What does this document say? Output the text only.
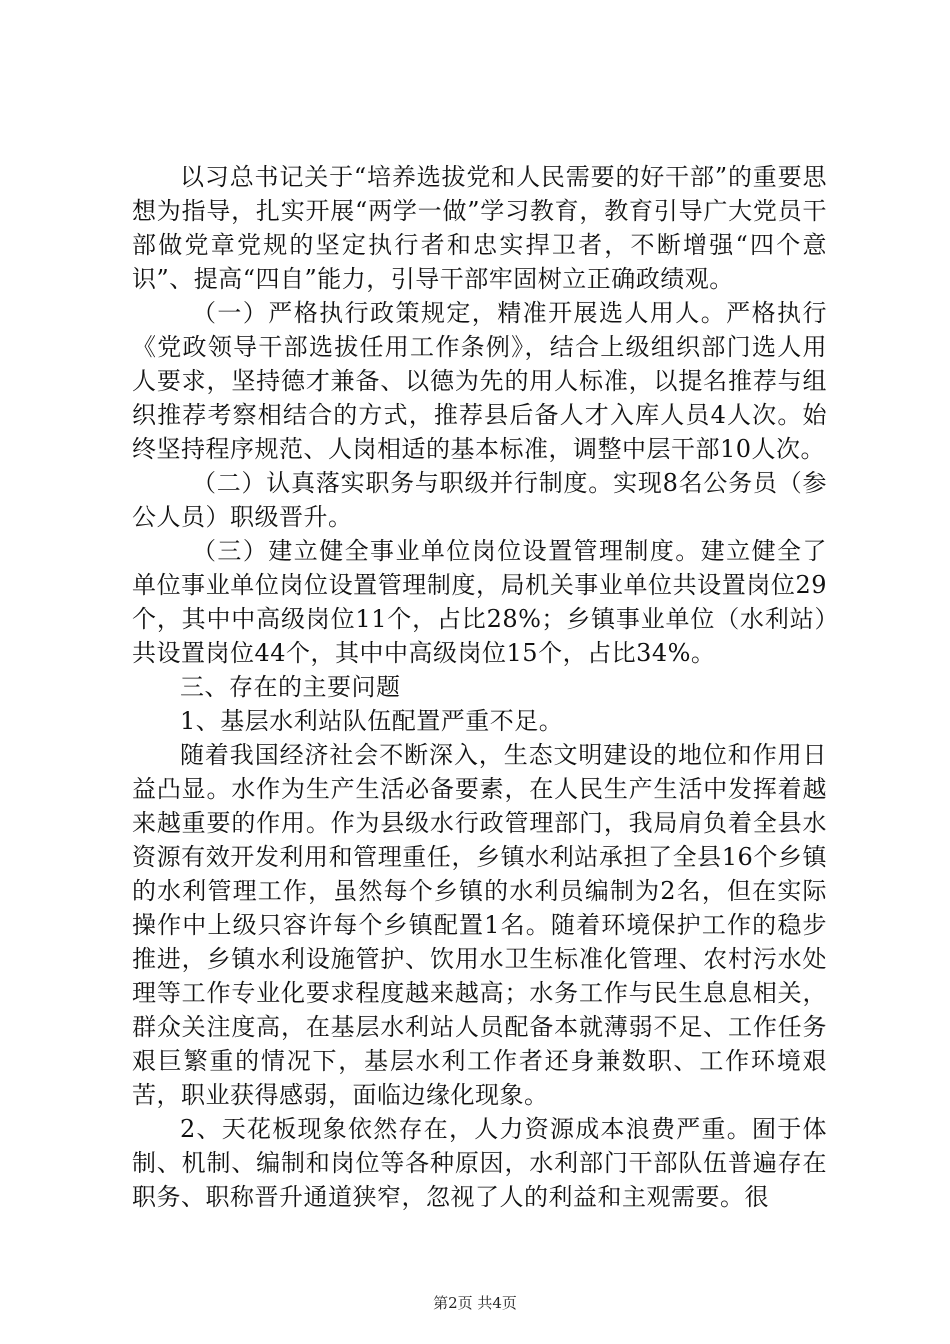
以习总书记关于“培养选拔党和人民需要的好干部”的重要思想为指导，扎实开展“两学一做”学习教育，教育引导广大党员干部做党章党规的坚定执行者和忠实捍卫者，不断增强“四个意识”、提高“四自”能力，引导干部牢固树立正确政绩观。

（一）严格执行政策规定，精准开展选人用人。严格执行《党政领导干部选拔任用工作条例》，结合上级组织部门选人用人要求，坚持德才兼备、以德为先的用人标准，以提名推荐与组织推荐考察相结合的方式，推荐县后备人才入库人员4人次。始终坚持程序规范、人岗相适的基本标准，调整中层干部10人次。

（二）认真落实职务与职级并行制度。实现8名公务员（参公人员）职级晋升。

（三）建立健全事业单位岗位设置管理制度。建立健全了单位事业单位岗位设置管理制度，局机关事业单位共设置岗位29个，其中中高级岗位11个，占比28%；乡镇事业单位（水利站）共设置岗位44个，其中中高级岗位15个，占比34%。

三、存在的主要问题

1、基层水利站队伍配置严重不足。

随着我国经济社会不断深入，生态文明建设的地位和作用日益凸显。水作为生产生活必备要素，在人民生产生活中发挥着越来越重要的作用。作为县级水行政管理部门，我局肩负着全县水资源有效开发利用和管理重任，乡镇水利站承担了全县16个乡镇的水利管理工作，虽然每个乡镇的水利员编制为2名，但在实际操作中上级只容许每个乡镇配置1名。随着环境保护工作的稳步推进，乡镇水利设施管护、饮用水卫生标准化管理、农村污水处理等工作专业化要求程度越来越高；水务工作与民生息息相关，群众关注度高，在基层水利站人员配备本就薄弱不足、工作任务艰巨繁重的情况下，基层水利工作者还身兼数职、工作环境艰苦，职业获得感弱，面临边缘化现象。

2、天花板现象依然存在，人力资源成本浪费严重。囿于体制、机制、编制和岗位等各种原因，水利部门干部队伍普遍存在职务、职称晋升通道狭窄，忽视了人的利益和主观需要。很

第2页 共4页
